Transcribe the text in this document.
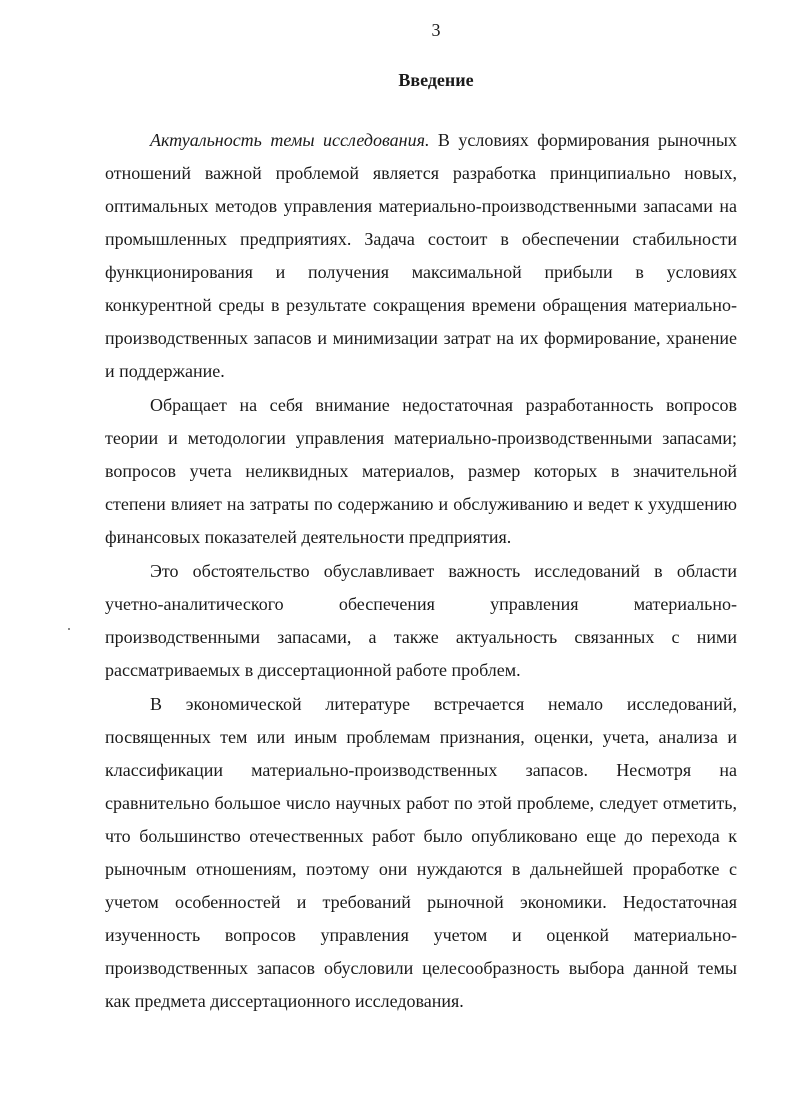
3
Введение

Актуальность темы исследования. В условиях формирования рыночных отношений важной проблемой является разработка принципиально новых, оптимальных методов управления материально-производственными запасами на промышленных предприятиях. Задача состоит в обеспечении стабильности функционирования и получения максимальной прибыли в условиях конкурентной среды в результате сокращения времени обращения материально-производственных запасов и минимизации затрат на их формирование, хранение и поддержание.

Обращает на себя внимание недостаточная разработанность вопросов теории и методологии управления материально-производственными запасами; вопросов учета неликвидных материалов, размер которых в значительной степени влияет на затраты по содержанию и обслуживанию и ведет к ухудшению финансовых показателей деятельности предприятия.

Это обстоятельство обуславливает важность исследований в области учетно-аналитического обеспечения управления материально-производственными запасами, а также актуальность связанных с ними рассматриваемых в диссертационной работе проблем.

В экономической литературе встречается немало исследований, посвященных тем или иным проблемам признания, оценки, учета, анализа и классификации материально-производственных запасов. Несмотря на сравнительно большое число научных работ по этой проблеме, следует отметить, что большинство отечественных работ было опубликовано еще до перехода к рыночным отношениям, поэтому они нуждаются в дальнейшей проработке с учетом особенностей и требований рыночной экономики. Недостаточная изученность вопросов управления учетом и оценкой материально-производственных запасов обусловили целесообразность выбора данной темы как предмета диссертационного исследования.
